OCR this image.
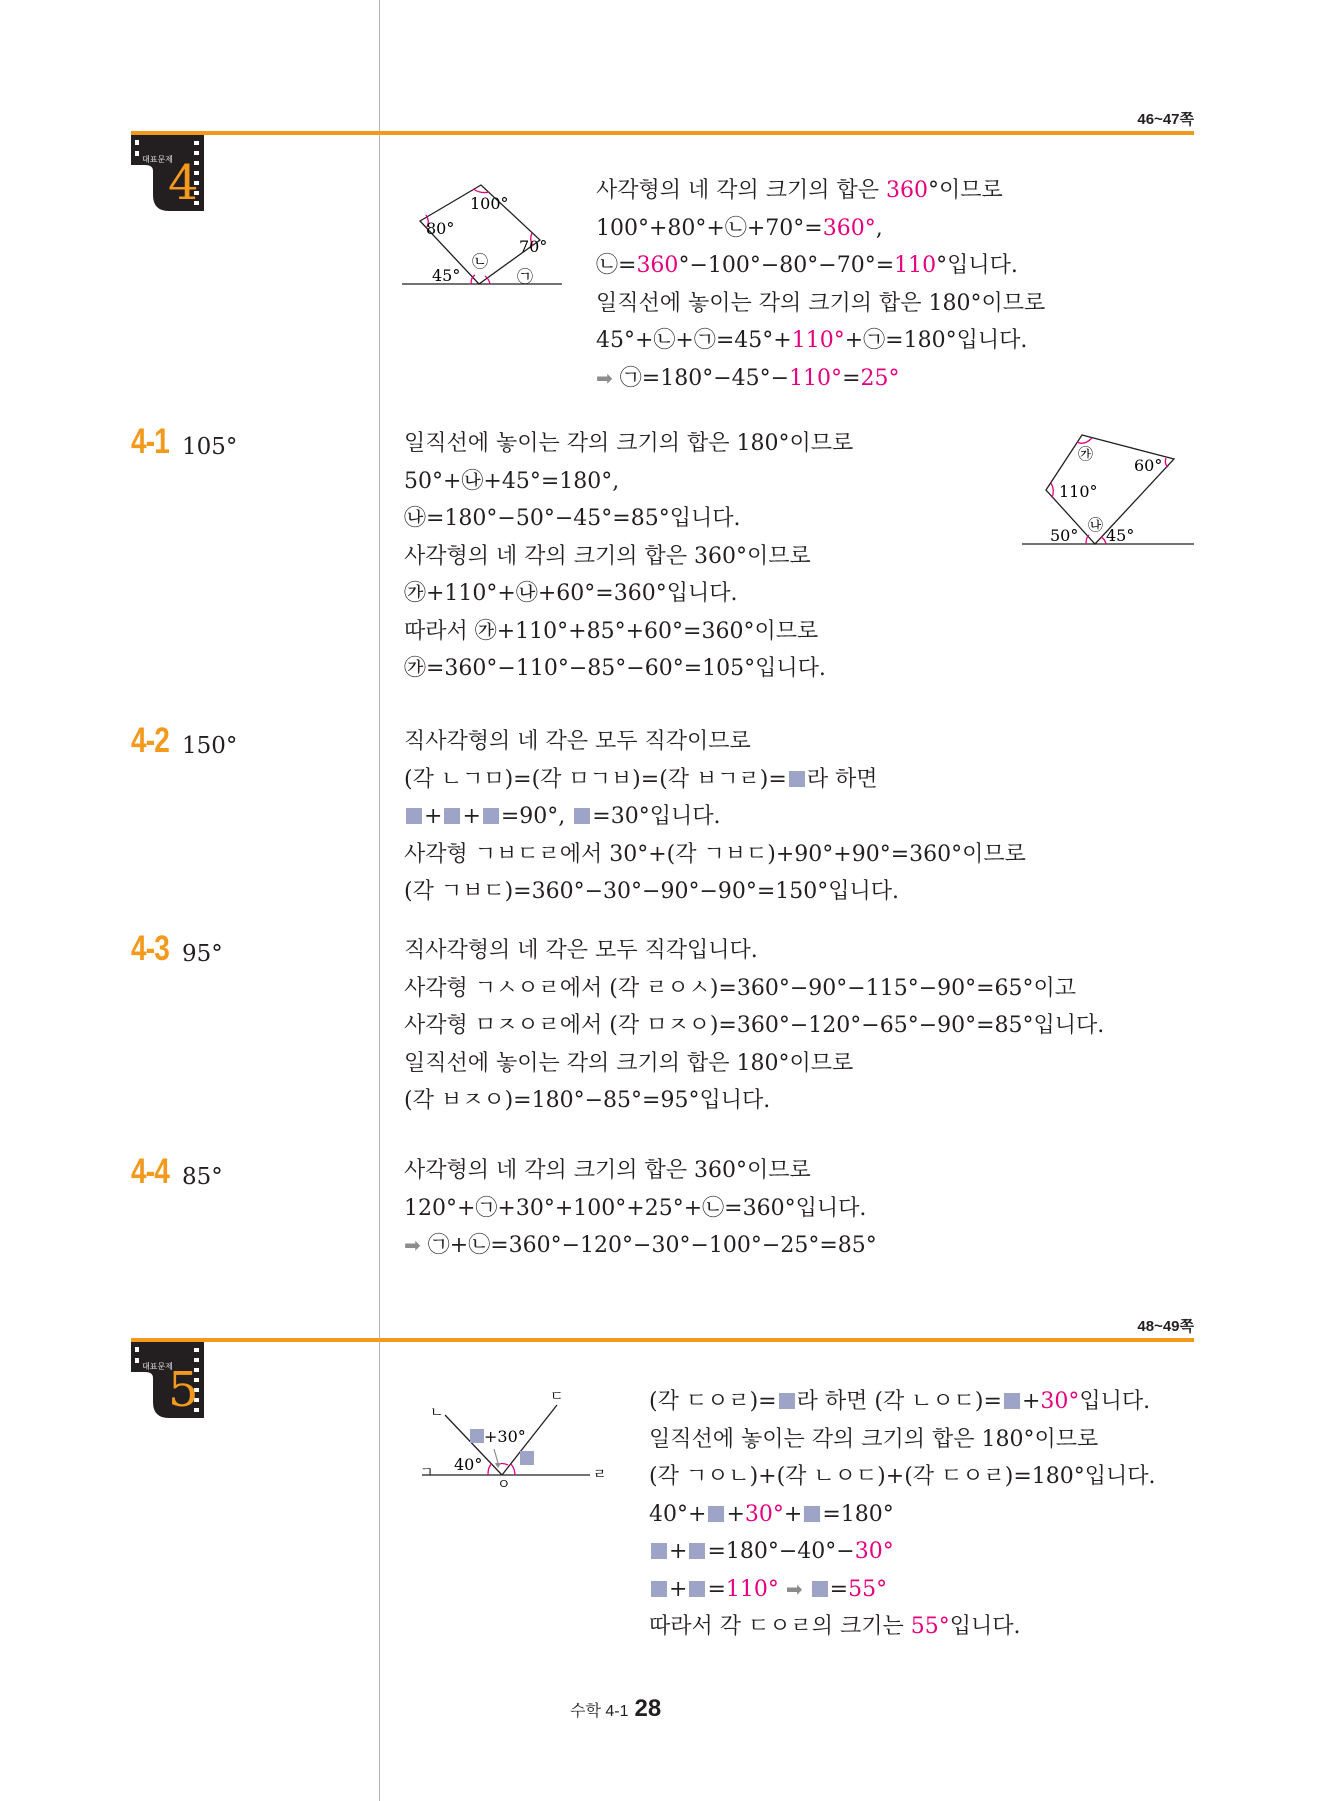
46~47쪽
대표문제
4	100°
80°
70°
45°
㉡
㉠
사각형의 네 각의 크기의 합은 360°이므로
100°+80°+㉡+70°=360°,
㉡=360°−100°−80°−70°=110°입니다.
일직선에 놓이는 각의 크기의 합은 180°이므로
45°+㉡+㉠=45°+110°+㉠=180°입니다.
➡ ㉠=180°−45°−110°=25°
4-1 105°	일직선에 놓이는 각의 크기의 합은 180°이므로
50°+㉯+45°=180°,
㉯=180°−50°−45°=85°입니다.
사각형의 네 각의 크기의 합은 360°이므로
㉮+110°+㉯+60°=360°입니다.
따라서 ㉮+110°+85°+60°=360°이므로
㉮=360°−110°−85°−60°=105°입니다.
㉮
60°
110°
㉯
50° 45°
4-2 150°	직사각형의 네 각은 모두 직각이므로
(각 ㄴㄱㅁ)=(각 ㅁㄱㅂ)=(각 ㅂㄱㄹ)= 라 하면
+ + =90°, =30°입니다.
사각형 ㄱㅂㄷㄹ에서 30°+(각 ㄱㅂㄷ)+90°+90°=360°이므로
(각 ㄱㅂㄷ)=360°−30°−90°−90°=150°입니다.
4-3 95°	직사각형의 네 각은 모두 직각입니다.
사각형 ㄱㅅㅇㄹ에서 (각 ㄹㅇㅅ)=360°−90°−115°−90°=65°이고
사각형 ㅁㅈㅇㄹ에서 (각 ㅁㅈㅇ)=360°−120°−65°−90°=85°입니다.
일직선에 놓이는 각의 크기의 합은 180°이므로
(각 ㅂㅈㅇ)=180°−85°=95°입니다.
4-4 85°	사각형의 네 각의 크기의 합은 360°이므로
120°+㉠+30°+100°+25°+㉡=360°입니다.
➡ ㉠+㉡=360°−120°−30°−100°−25°=85°
48~49쪽
대표문제
5
+30°
40°
ㄴ
ㄷ
ㄱ	ㄹ
ㅇ
(각 ㄷㅇㄹ)= 라 하면 (각 ㄴㅇㄷ)= +30°입니다.
일직선에 놓이는 각의 크기의 합은 180°이므로
(각 ㄱㅇㄴ)+(각 ㄴㅇㄷ)+(각 ㄷㅇㄹ)=180°입니다.
40°+ +30°+ =180°
+ =180°−40°−30°
+ =110° ➡ =55°
따라서 각 ㄷㅇㄹ의 크기는 55°입니다.
수학 4-1 28
